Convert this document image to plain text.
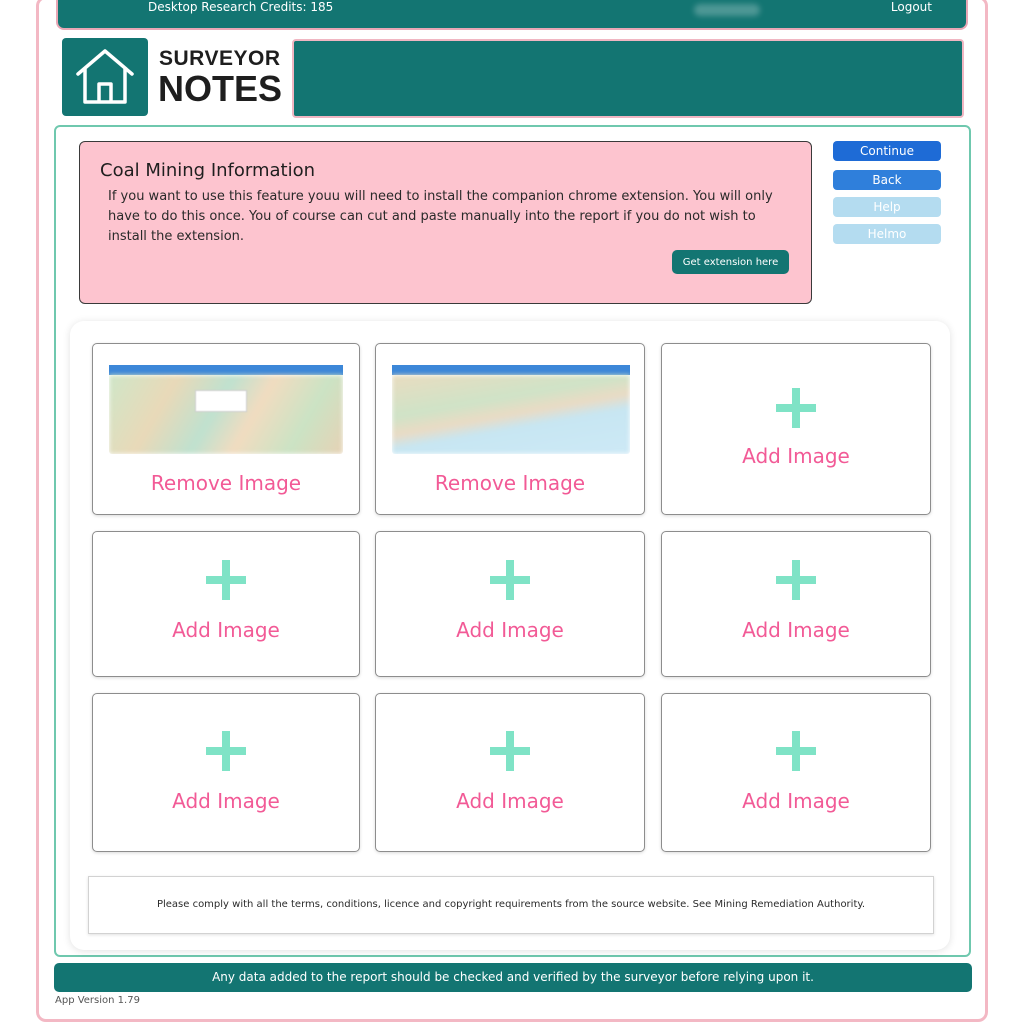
Desktop Research Credits: 185	Logout
SURVEYOR
NOTES
Coal Mining Information
If you want to use this feature youu will need to install the companion chrome extension. You will only have to do this once. You of course can cut and paste manually into the report if you do not wish to install the extension.
Get extension here
Continue
Back
Help
Helmo
Remove Image	Remove Image
Add Image
Add Image	Add Image	Add Image
Add Image	Add Image	Add Image
Please comply with all the terms, conditions, licence and copyright requirements from the source website. See Mining Remediation Authority.
Any data added to the report should be checked and verified by the surveyor before relying upon it.
App Version 1.79
